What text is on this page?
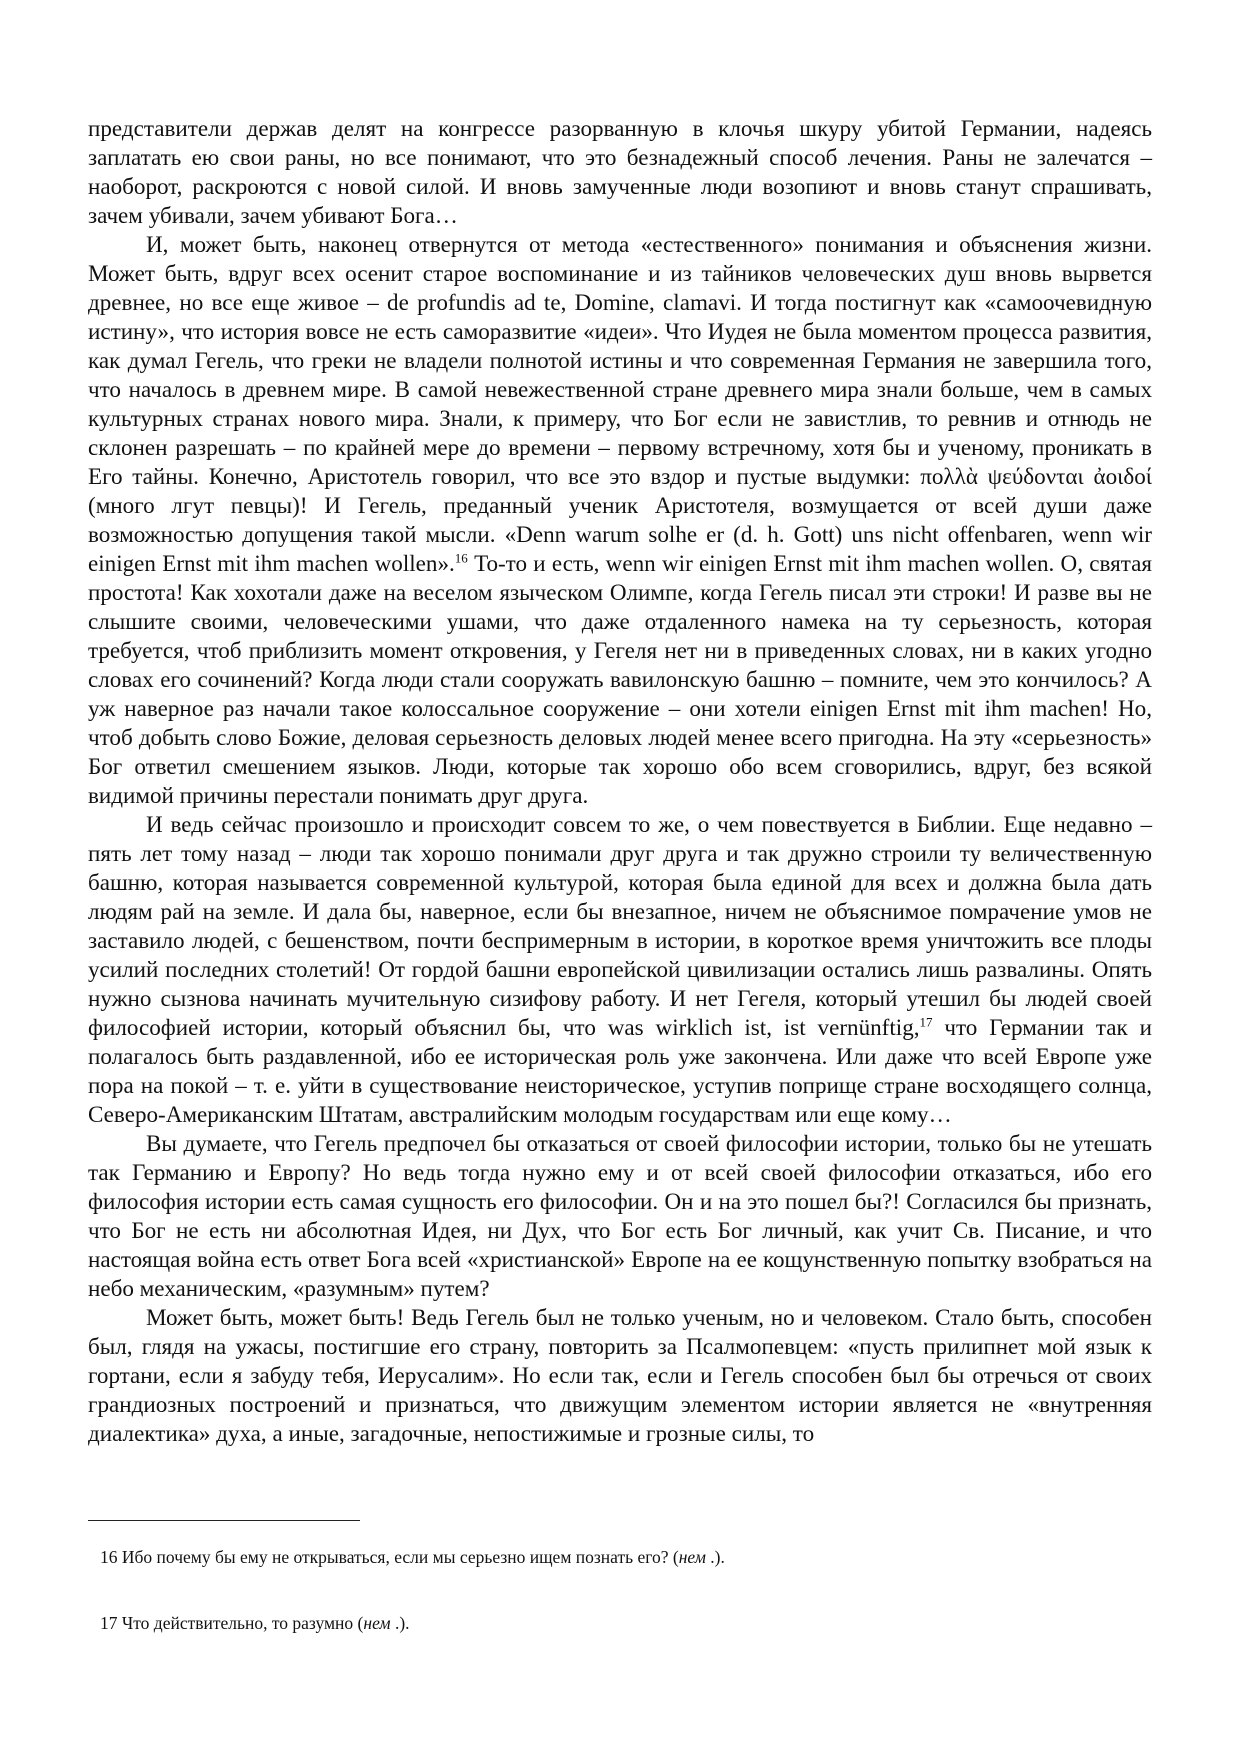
представители держав делят на конгрессе разорванную в клочья шкуру убитой Германии, надеясь заплатать ею свои раны, но все понимают, что это безнадежный способ лечения. Раны не залечатся – наоборот, раскроются с новой силой. И вновь замученные люди возопиют и вновь станут спрашивать, зачем убивали, зачем убивают Бога…

И, может быть, наконец отвернутся от метода «естественного» понимания и объяснения жизни. Может быть, вдруг всех осенит старое воспоминание и из тайников человеческих душ вновь вырвется древнее, но все еще живое – de profundis ad te, Domine, clamavi. И тогда постигнут как «самоочевидную истину», что история вовсе не есть саморазвитие «идеи». Что Иудея не была моментом процесса развития, как думал Гегель, что греки не владели полнотой истины и что современная Германия не завершила того, что началось в древнем мире. В самой невежественной стране древнего мира знали больше, чем в самых культурных странах нового мира. Знали, к примеру, что Бог если не завистлив, то ревнив и отнюдь не склонен разрешать – по крайней мере до времени – первому встречному, хотя бы и ученому, проникать в Его тайны. Конечно, Аристотель говорил, что все это вздор и пустые выдумки: πολλὰ ψεύδονται ἀοιδοί (много лгут певцы)! И Гегель, преданный ученик Аристотеля, возмущается от всей души даже возможностью допущения такой мысли. «Denn warum solhe er (d. h. Gott) uns nicht offenbaren, wenn wir einigen Ernst mit ihm machen wollen».$^{16}$ То-то и есть, wenn wir einigen Ernst mit ihm machen wollen. О, святая простота! Как хохотали даже на веселом языческом Олимпе, когда Гегель писал эти строки! И разве вы не слышите своими, человеческими ушами, что даже отдаленного намека на ту серьезность, которая требуется, чтоб приблизить момент откровения, у Гегеля нет ни в приведенных словах, ни в каких угодно словах его сочинений? Когда люди стали сооружать вавилонскую башню – помните, чем это кончилось? А уж наверное раз начали такое колоссальное сооружение – они хотели einigen Ernst mit ihm machen! Но, чтоб добыть слово Божие, деловая серьезность деловых людей менее всего пригодна. На эту «серьезность» Бог ответил смешением языков. Люди, которые так хорошо обо всем сговорились, вдруг, без всякой видимой причины перестали понимать друг друга.

И ведь сейчас произошло и происходит совсем то же, о чем повествуется в Библии. Еще недавно – пять лет тому назад – люди так хорошо понимали друг друга и так дружно строили ту величественную башню, которая называется современной культурой, которая была единой для всех и должна была дать людям рай на земле. И дала бы, наверное, если бы внезапное, ничем не объяснимое помрачение умов не заставило людей, с бешенством, почти беспримерным в истории, в короткое время уничтожить все плоды усилий последних столетий! От гордой башни европейской цивилизации остались лишь развалины. Опять нужно сызнова начинать мучительную сизифову работу. И нет Гегеля, который утешил бы людей своей философией истории, который объяснил бы, что was wirklich ist, ist vernünftig,$^{17}$ что Германии так и полагалось быть раздавленной, ибо ее историческая роль уже закончена. Или даже что всей Европе уже пора на покой – т. е. уйти в существование неисторическое, уступив поприще стране восходящего солнца, Северо-Американским Штатам, австралийским молодым государствам или еще кому…

Вы думаете, что Гегель предпочел бы отказаться от своей философии истории, только бы не утешать так Германию и Европу? Но ведь тогда нужно ему и от всей своей философии отказаться, ибо его философия истории есть самая сущность его философии. Он и на это пошел бы?! Согласился бы признать, что Бог не есть ни абсолютная Идея, ни Дух, что Бог есть Бог личный, как учит Св. Писание, и что настоящая война есть ответ Бога всей «христианской» Европе на ее кощунственную попытку взобраться на небо механическим, «разумным» путем?

Может быть, может быть! Ведь Гегель был не только ученым, но и человеком. Стало быть, способен был, глядя на ужасы, постигшие его страну, повторить за Псалмопевцем: «пусть прилипнет мой язык к гортани, если я забуду тебя, Иерусалим». Но если так, если и Гегель способен был бы отречься от своих грандиозных построений и признаться, что движущим элементом истории является не «внутренняя диалектика» духа, а иные, загадочные, непостижимые и грозные силы, то

16 Ибо почему бы ему не открываться, если мы серьезно ищем познать его? (нем .).

17 Что действительно, то разумно (нем .).
